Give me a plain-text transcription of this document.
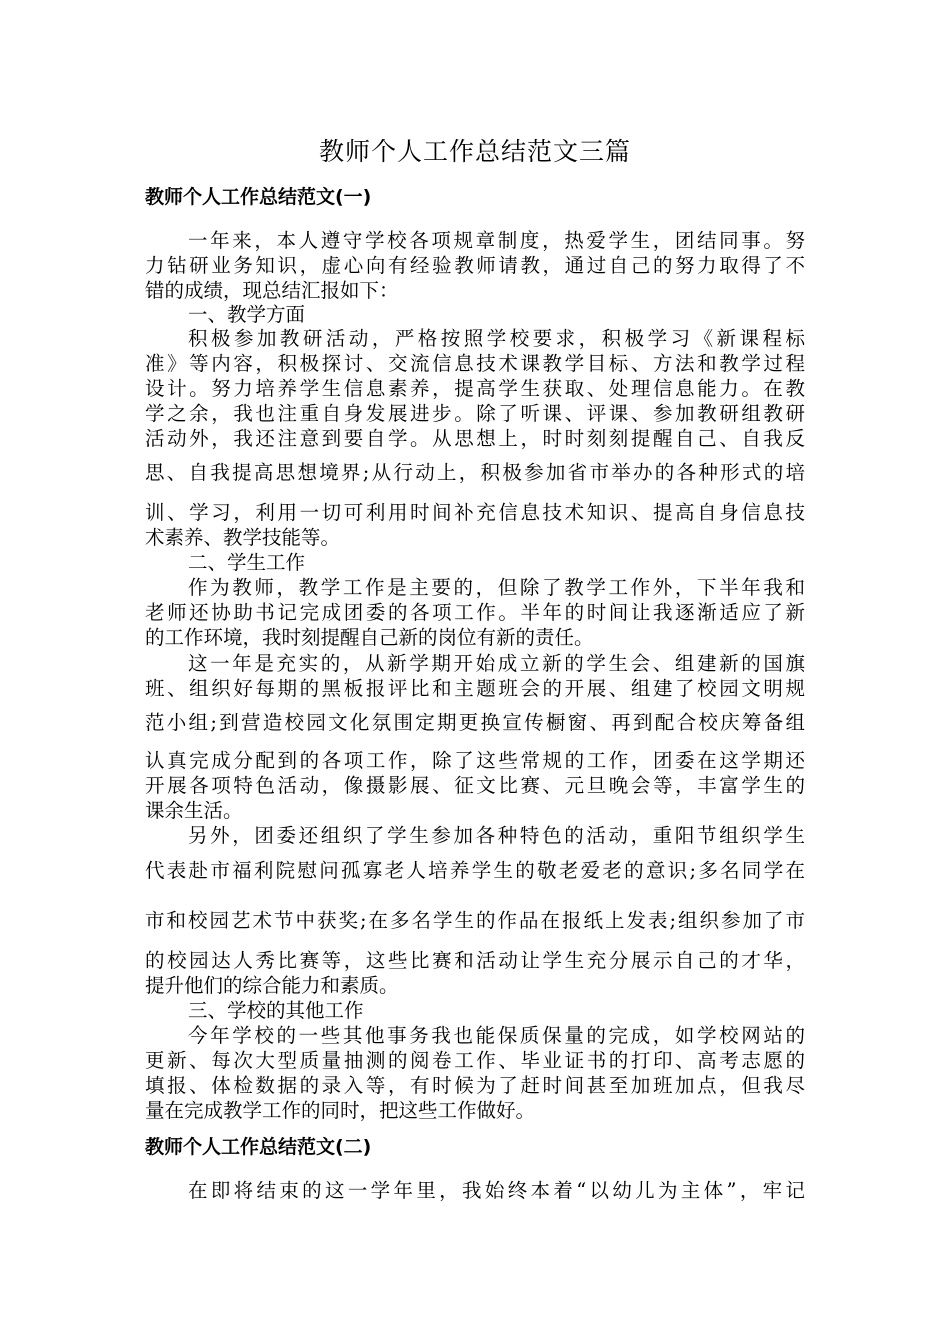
教师个人工作总结范文三篇
教师个人工作总结范文(一)
一年来，本人遵守学校各项规章制度，热爱学生，团结同事。努
力钻研业务知识，虚心向有经验教师请教，通过自己的努力取得了不
错的成绩，现总结汇报如下：
一、教学方面
积极参加教研活动，严格按照学校要求，积极学习《新课程标
准》等内容，积极探讨、交流信息技术课教学目标、方法和教学过程
设计。努力培养学生信息素养，提高学生获取、处理信息能力。在教
学之余，我也注重自身发展进步。除了听课、评课、参加教研组教研
活动外，我还注意到要自学。从思想上，时时刻刻提醒自己、自我反
思、自我提高思想境界;从行动上，积极参加省市举办的各种形式的培
训、学习，利用一切可利用时间补充信息技术知识、提高自身信息技
术素养、教学技能等。
二、学生工作
作为教师，教学工作是主要的，但除了教学工作外，下半年我和
老师还协助书记完成团委的各项工作。半年的时间让我逐渐适应了新
的工作环境，我时刻提醒自己新的岗位有新的责任。
这一年是充实的，从新学期开始成立新的学生会、组建新的国旗
班、组织好每期的黑板报评比和主题班会的开展、组建了校园文明规
范小组;到营造校园文化氛围定期更换宣传橱窗、再到配合校庆筹备组
认真完成分配到的各项工作，除了这些常规的工作，团委在这学期还
开展各项特色活动，像摄影展、征文比赛、元旦晚会等，丰富学生的
课余生活。
另外，团委还组织了学生参加各种特色的活动，重阳节组织学生
代表赴市福利院慰问孤寡老人培养学生的敬老爱老的意识;多名同学在
市和校园艺术节中获奖;在多名学生的作品在报纸上发表;组织参加了市
的校园达人秀比赛等，这些比赛和活动让学生充分展示自己的才华，
提升他们的综合能力和素质。
三、学校的其他工作
今年学校的一些其他事务我也能保质保量的完成，如学校网站的
更新、每次大型质量抽测的阅卷工作、毕业证书的打印、高考志愿的
填报、体检数据的录入等，有时候为了赶时间甚至加班加点，但我尽
量在完成教学工作的同时，把这些工作做好。
教师个人工作总结范文(二)
在即将结束的这一学年里，我始终本着“以幼儿为主体”，牢记
